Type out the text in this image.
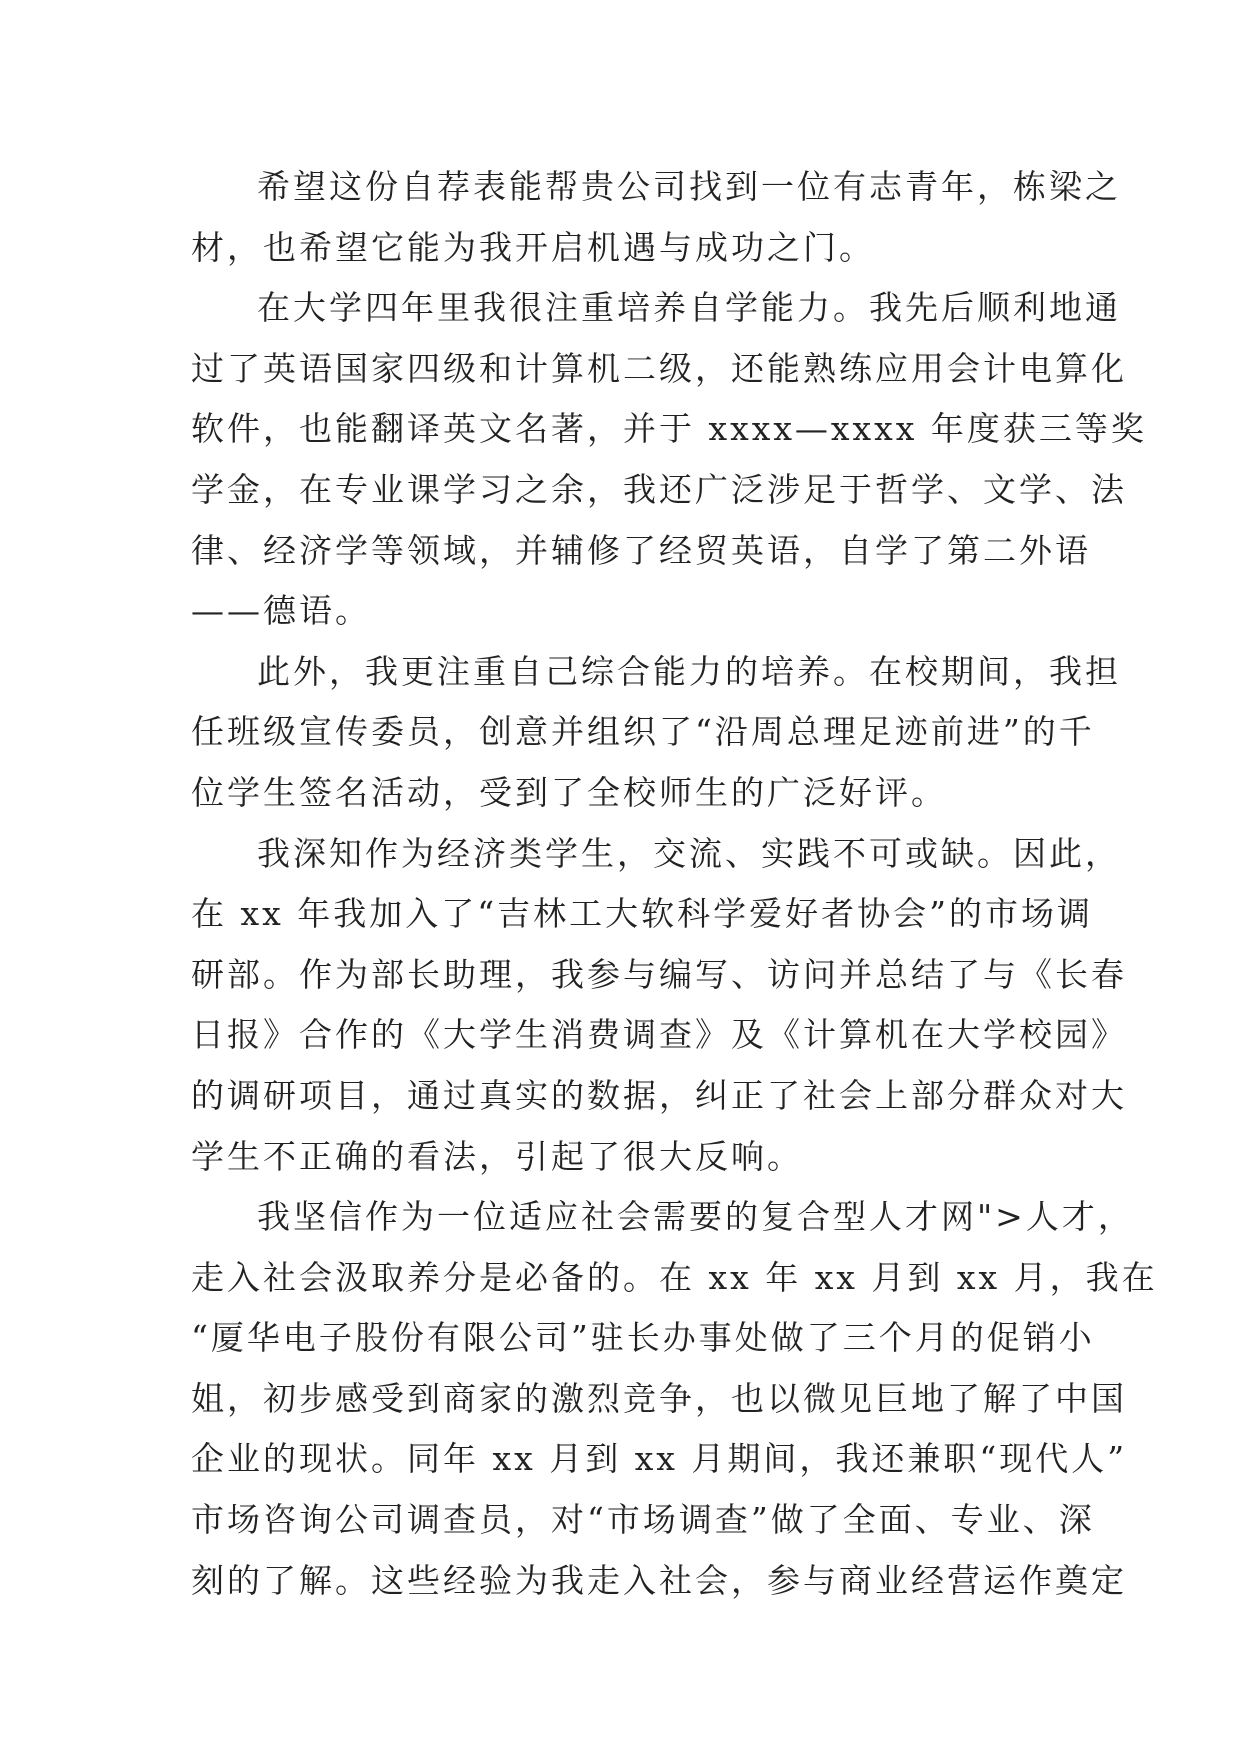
希望这份自荐表能帮贵公司找到一位有志青年，栋梁之
材，也希望它能为我开启机遇与成功之门。
在大学四年里我很注重培养自学能力。我先后顺利地通
过了英语国家四级和计算机二级，还能熟练应用会计电算化
软件，也能翻译英文名著，并于 xxxx—xxxx 年度获三等奖
学金，在专业课学习之余，我还广泛涉足于哲学、文学、法
律、经济学等领域，并辅修了经贸英语，自学了第二外语
——德语。
此外，我更注重自己综合能力的培养。在校期间，我担
任班级宣传委员，创意并组织了“沿周总理足迹前进”的千
位学生签名活动，受到了全校师生的广泛好评。
我深知作为经济类学生，交流、实践不可或缺。因此，
在 xx 年我加入了“吉林工大软科学爱好者协会”的市场调
研部。作为部长助理，我参与编写、访问并总结了与《长春
日报》合作的《大学生消费调查》及《计算机在大学校园》
的调研项目，通过真实的数据，纠正了社会上部分群众对大
学生不正确的看法，引起了很大反响。
我坚信作为一位适应社会需要的复合型人才网">人才，
走入社会汲取养分是必备的。在 xx 年 xx 月到 xx 月，我在
“厦华电子股份有限公司”驻长办事处做了三个月的促销小
姐，初步感受到商家的激烈竞争，也以微见巨地了解了中国
企业的现状。同年 xx 月到 xx 月期间，我还兼职“现代人”
市场咨询公司调查员，对“市场调查”做了全面、专业、深
刻的了解。这些经验为我走入社会，参与商业经营运作奠定
